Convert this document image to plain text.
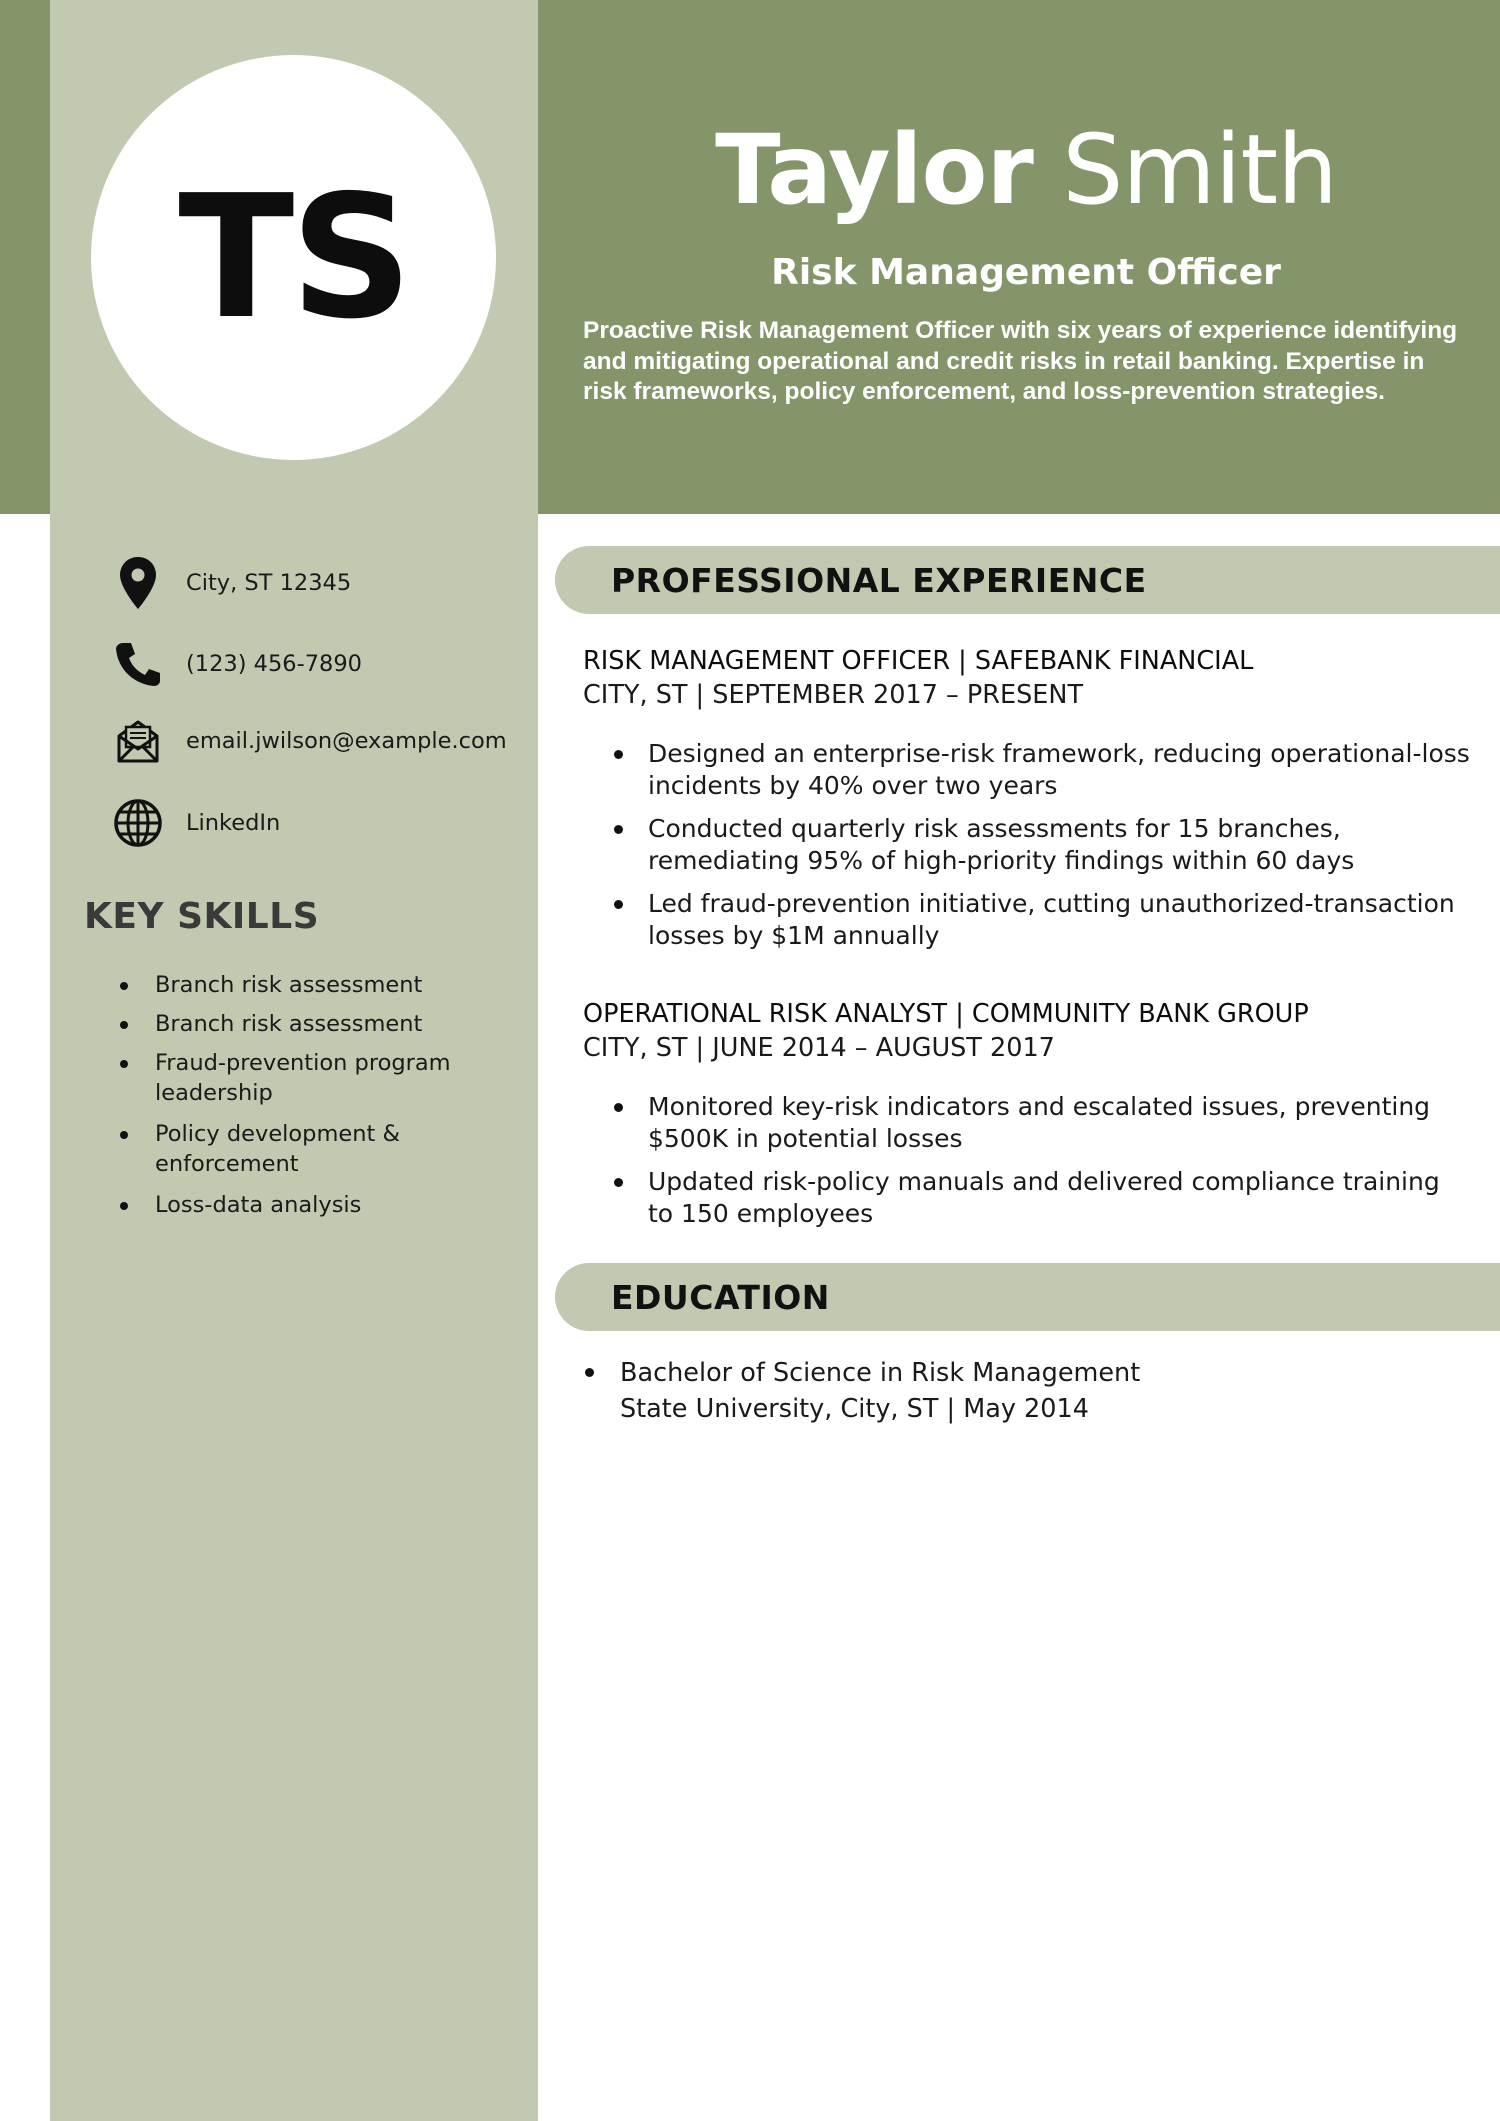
TS	Taylor Smith
Risk Management Officer
Proactive Risk Management Officer with six years of experience identifying and mitigating operational and credit risks in retail banking. Expertise in risk frameworks, policy enforcement, and loss-prevention strategies.
City, ST 12345
(123) 456-7890
email.jwilson@example.com
LinkedIn
KEY SKILLS
Branch risk assessment
Branch risk assessment
Fraud-prevention program leadership
Policy development & enforcement
Loss-data analysis
PROFESSIONAL EXPERIENCE
RISK MANAGEMENT OFFICER | SAFEBANK FINANCIAL
CITY, ST | SEPTEMBER 2017 – PRESENT
Designed an enterprise-risk framework, reducing operational-loss incidents by 40% over two years
Conducted quarterly risk assessments for 15 branches, remediating 95% of high-priority findings within 60 days
Led fraud-prevention initiative, cutting unauthorized-transaction losses by $1M annually
OPERATIONAL RISK ANALYST | COMMUNITY BANK GROUP
CITY, ST | JUNE 2014 – AUGUST 2017
Monitored key-risk indicators and escalated issues, preventing $500K in potential losses
Updated risk-policy manuals and delivered compliance training to 150 employees
EDUCATION
Bachelor of Science in Risk Management
State University, City, ST | May 2014
